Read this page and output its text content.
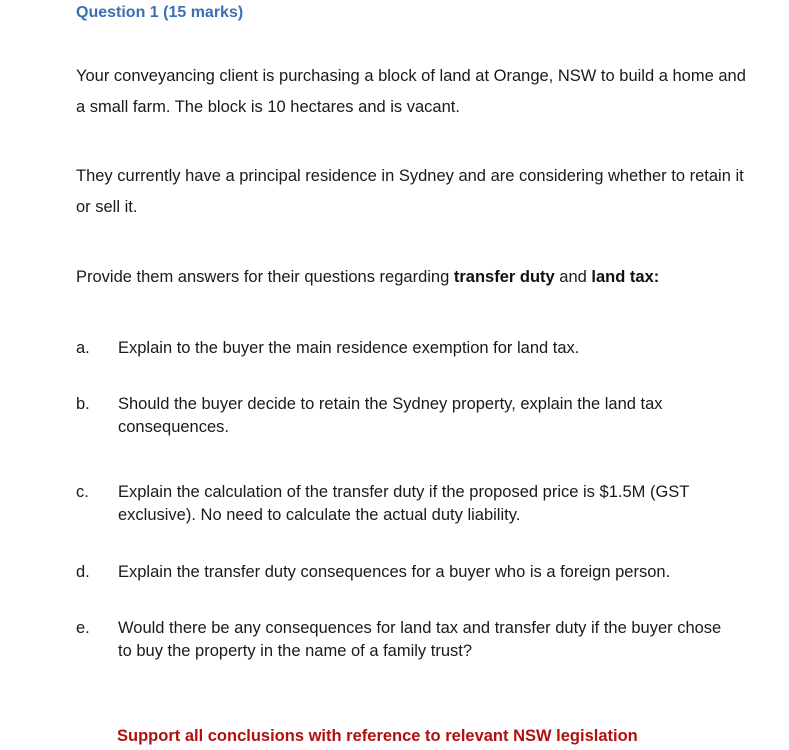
Question 1 (15 marks)

Your conveyancing client is purchasing a block of land at Orange, NSW to build a home and a small farm. The block is 10 hectares and is vacant.

They currently have a principal residence in Sydney and are considering whether to retain it or sell it.

Provide them answers for their questions regarding transfer duty and land tax:

a. Explain to the buyer the main residence exemption for land tax.
b. Should the buyer decide to retain the Sydney property, explain the land tax consequences.
c. Explain the calculation of the transfer duty if the proposed price is $1.5M (GST exclusive). No need to calculate the actual duty liability.
d. Explain the transfer duty consequences for a buyer who is a foreign person.
e. Would there be any consequences for land tax and transfer duty if the buyer chose to buy the property in the name of a family trust?
Support all conclusions with reference to relevant NSW legislation
